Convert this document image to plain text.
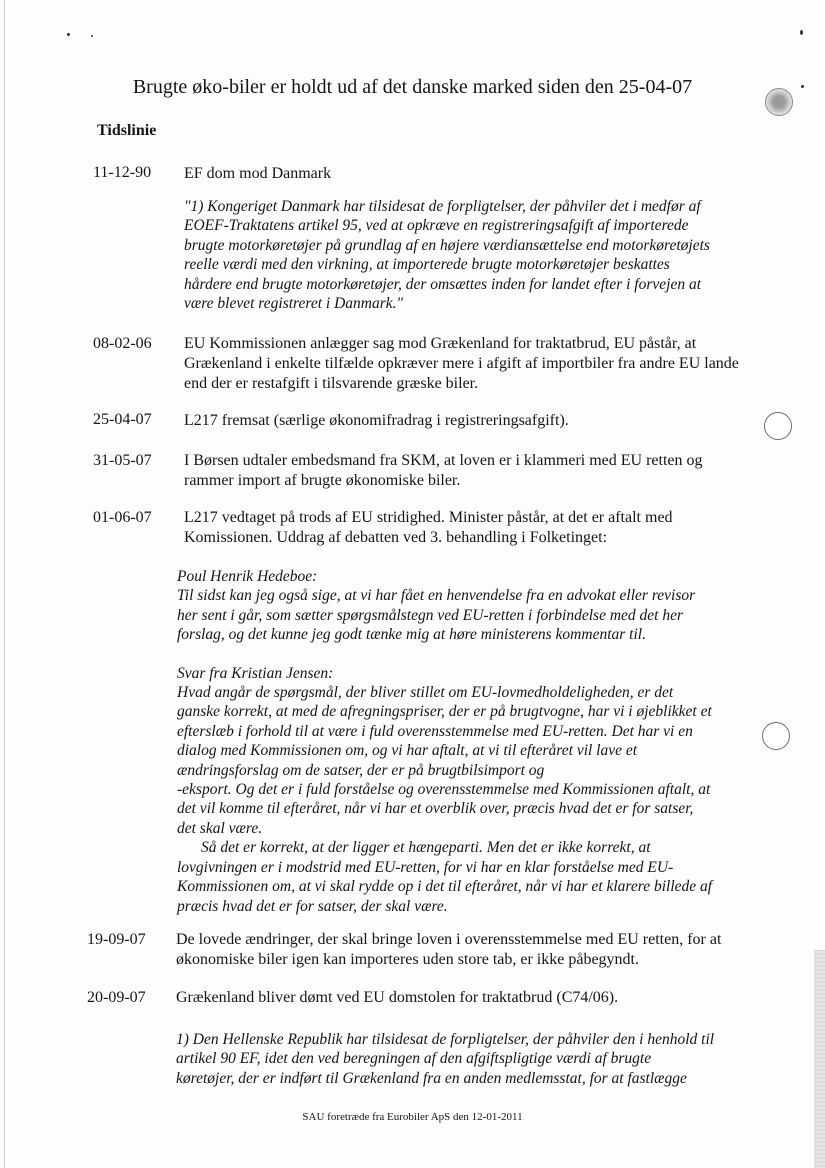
Brugte øko-biler er holdt ud af det danske marked siden den 25-04-07
Tidslinie
11-12-90 EF dom mod Danmark

"1) Kongeriget Danmark har tilsidesat de forpligtelser, der påhviler det i medfør af

EOEF-Traktatens artikel 95, ved at opkræve en registreringsafgift af importerede

brugte motorkøretøjer på grundlag af en højere værdiansættelse end motorkøretøjets

reelle værdi med den virkning, at importerede brugte motorkøretøjer beskattes

hårdere end brugte motorkøretøjer, der omsættes inden for landet efter i forvejen at

være blevet registreret i Danmark."

08-02-06 EU Kommissionen anlægger sag mod Grækenland for traktatbrud, EU påstår, at
Grækenland i enkelte tilfælde opkræver mere i afgift af importbiler fra andre EU lande
end der er restafgift i tilsvarende græske biler.
25-04-07 L217 fremsat (særlige økonomifradrag i registreringsafgift).
31-05-07 I Børsen udtaler embedsmand fra SKM, at loven er i klammeri med EU retten og
rammer import af brugte økonomiske biler.
01-06-07 L217 vedtaget på trods af EU stridighed. Minister påstår, at det er aftalt med
Komissionen. Uddrag af debatten ved 3. behandling i Folketinget:

Poul Henrik Hedeboe:

Til sidst kan jeg også sige, at vi har fået en henvendelse fra en advokat eller revisor

her sent i går, som sætter spørgsmålstegn ved EU-retten i forbindelse med det her

forslag, og det kunne jeg godt tænke mig at høre ministerens kommentar til.

Svar fra Kristian Jensen:

Hvad angår de spørgsmål, der bliver stillet om EU-lovmedholdeligheden, er det

ganske korrekt, at med de afregningspriser, der er på brugtvogne, har vi i øjeblikket et

efterslæb i forhold til at være i fuld overensstemmelse med EU-retten. Det har vi en

dialog med Kommissionen om, og vi har aftalt, at vi til efteråret vil lave et

ændringsforslag om de satser, der er på brugtbilsimport og

-eksport. Og det er i fuld forståelse og overensstemmelse med Kommissionen aftalt, at

det vil komme til efteråret, når vi har et overblik over, præcis hvad det er for satser,

det skal være.

Så det er korrekt, at der ligger et hængeparti. Men det er ikke korrekt, at

lovgivningen er i modstrid med EU-retten, for vi har en klar forståelse med EU-

Kommissionen om, at vi skal rydde op i det til efteråret, når vi har et klarere billede af

præcis hvad det er for satser, der skal være.

19-09-07 De lovede ændringer, der skal bringe loven i overensstemmelse med EU retten, for at
økonomiske biler igen kan importeres uden store tab, er ikke påbegyndt.
20-09-07 Grækenland bliver dømt ved EU domstolen for traktatbrud (C74/06).

1) Den Hellenske Republik har tilsidesat de forpligtelser, der påhviler den i henhold til

artikel 90 EF, idet den ved beregningen af den afgiftspligtige værdi af brugte

køretøjer, der er indført til Grækenland fra en anden medlemsstat, for at fastlægge

SAU foretræde fra Eurobiler ApS den 12-01-2011
